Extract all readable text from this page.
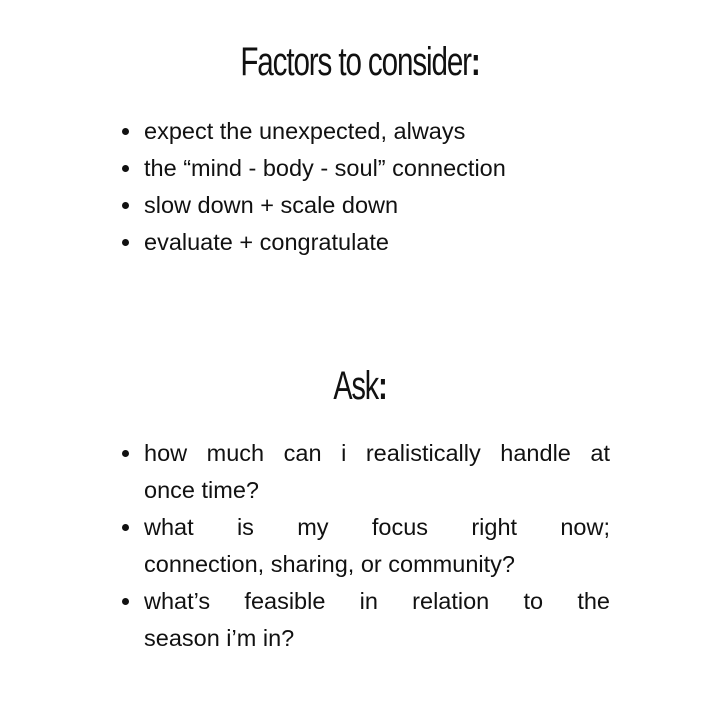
Factors to consider:
expect the unexpected, always
the “mind - body - soul” connection
slow down + scale down
evaluate + congratulate
Ask:
how much can i realistically handle at
once time?
what is my focus right now;
connection, sharing, or community?
what’s feasible in relation to the
season i’m in?
